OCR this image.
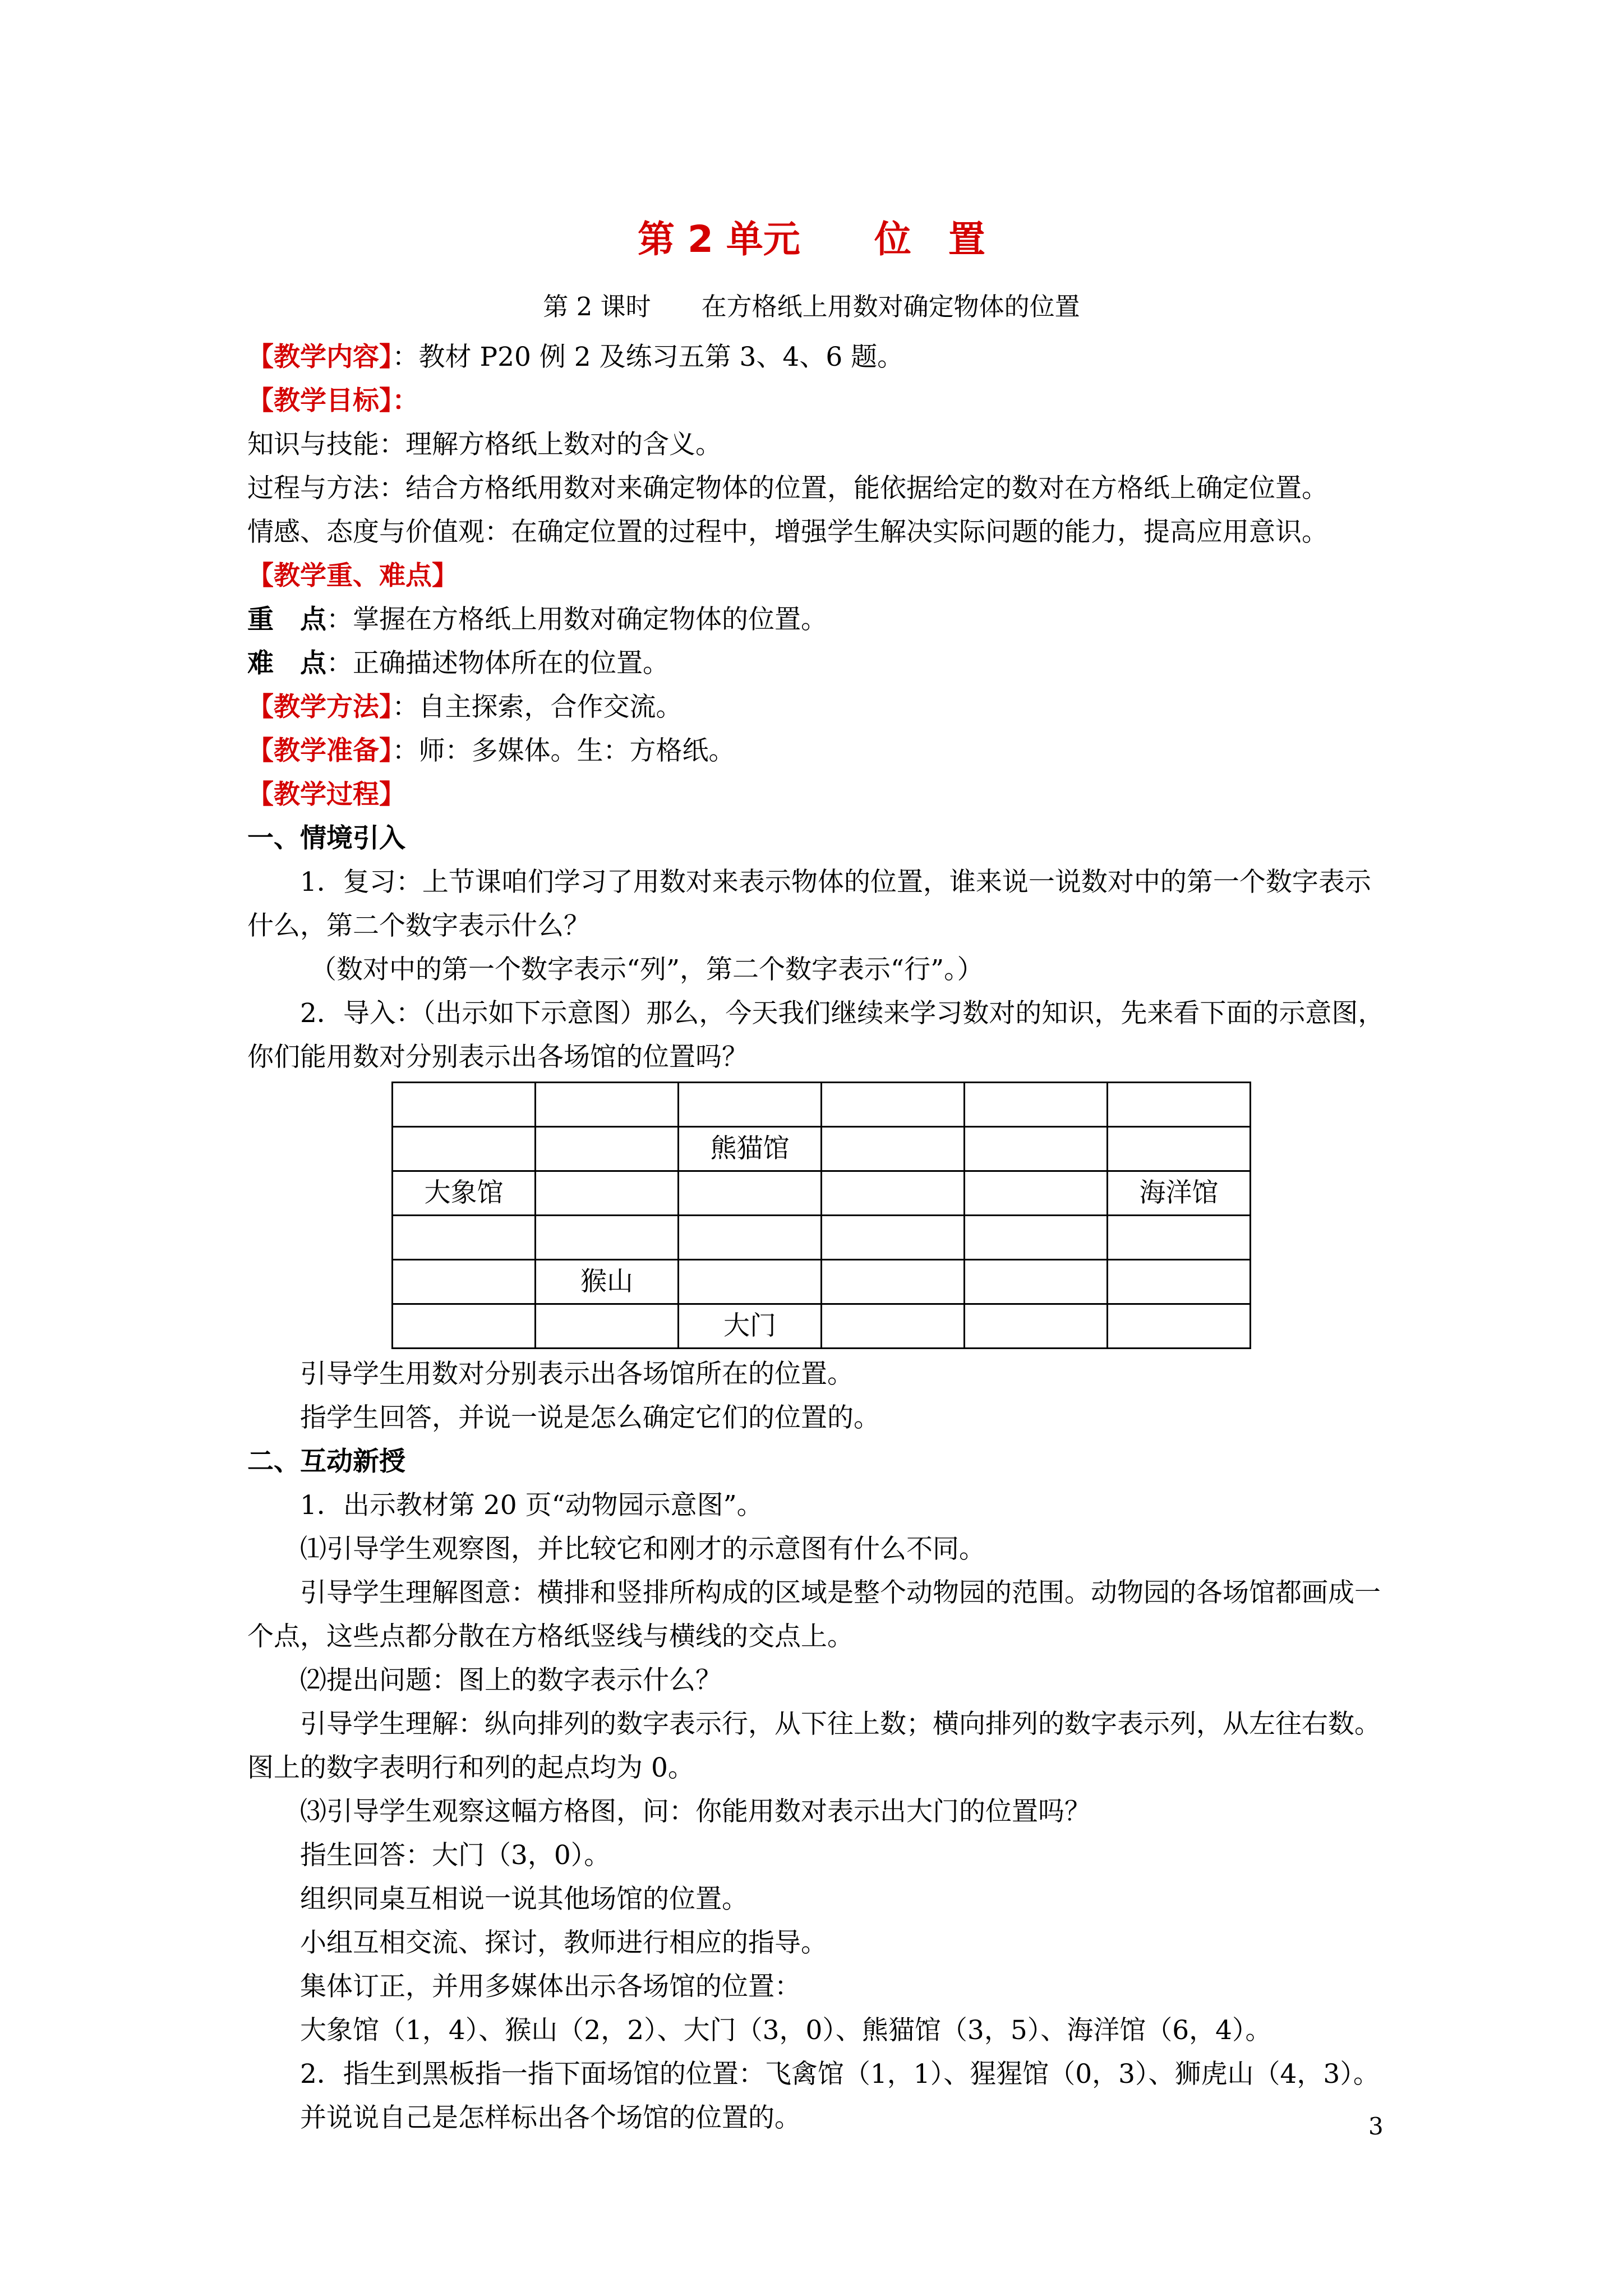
第 2 单元　　位　置
第 2 课时　　在方格纸上用数对确定物体的位置

【教学内容】：教材 P20 例 2 及练习五第 3、4、6 题。

【教学目标】：

知识与技能：理解方格纸上数对的含义。

过程与方法：结合方格纸用数对来确定物体的位置，能依据给定的数对在方格纸上确定位置。

情感、态度与价值观：在确定位置的过程中，增强学生解决实际问题的能力，提高应用意识。

【教学重、难点】

重　点：掌握在方格纸上用数对确定物体的位置。

难　点：正确描述物体所在的位置。

【教学方法】：自主探索，合作交流。

【教学准备】：师：多媒体。生：方格纸。

【教学过程】

一、情境引入

1．复习：上节课咱们学习了用数对来表示物体的位置，谁来说一说数对中的第一个数字表示什么，第二个数字表示什么？

（数对中的第一个数字表示“列”，第二个数字表示“行”。）

2．导入：（出示如下示意图）那么，今天我们继续来学习数对的知识，先来看下面的示意图，你们能用数对分别表示出各场馆的位置吗？

		熊猫馆			
大象馆					海洋馆

	猴山				
		大门			

引导学生用数对分别表示出各场馆所在的位置。

指学生回答，并说一说是怎么确定它们的位置的。

二、互动新授

1．出示教材第 20 页“动物园示意图”。

⑴引导学生观察图，并比较它和刚才的示意图有什么不同。

引导学生理解图意：横排和竖排所构成的区域是整个动物园的范围。动物园的各场馆都画成一个点，这些点都分散在方格纸竖线与横线的交点上。

⑵提出问题：图上的数字表示什么？

引导学生理解：纵向排列的数字表示行，从下往上数；横向排列的数字表示列，从左往右数。图上的数字表明行和列的起点均为 0。

⑶引导学生观察这幅方格图，问：你能用数对表示出大门的位置吗？

指生回答：大门（3，0）。

组织同桌互相说一说其他场馆的位置。

小组互相交流、探讨，教师进行相应的指导。

集体订正，并用多媒体出示各场馆的位置：

大象馆（1，4）、猴山（2，2）、大门（3，0）、熊猫馆（3，5）、海洋馆（6，4）。

2．指生到黑板指一指下面场馆的位置：飞禽馆（1，1）、猩猩馆（0，3）、狮虎山（4，3）。

并说说自己是怎样标出各个场馆的位置的。	3
